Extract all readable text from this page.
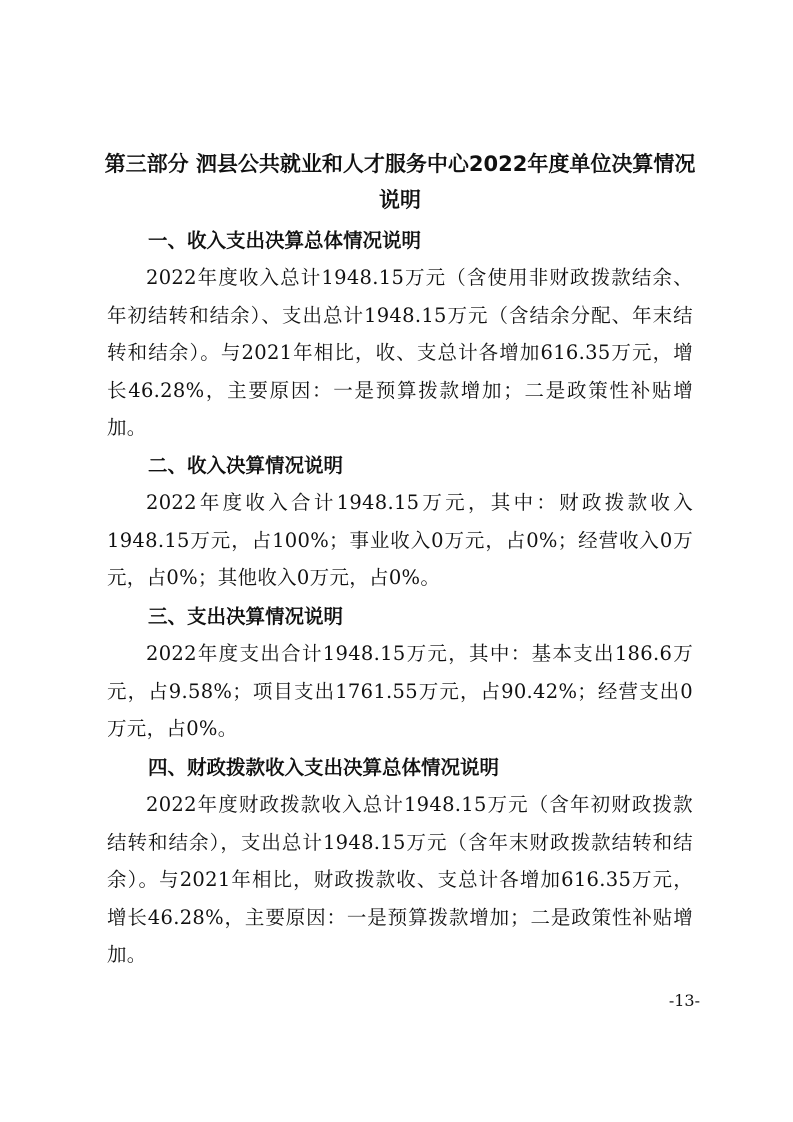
第三部分 泗县公共就业和人才服务中心2022年度单位决算情况说明
一、收入支出决算总体情况说明
2022年度收入总计1948.15万元（含使用非财政拨款结余、年初结转和结余）、支出总计1948.15万元（含结余分配、年末结转和结余）。与2021年相比，收、支总计各增加616.35万元，增长46.28%，主要原因：一是预算拨款增加；二是政策性补贴增加。
二、收入决算情况说明
2022年度收入合计1948.15万元，其中：财政拨款收入1948.15万元，占100%；事业收入0万元，占0%；经营收入0万元，占0%；其他收入0万元，占0%。
三、支出决算情况说明
2022年度支出合计1948.15万元，其中：基本支出186.6万元，占9.58%；项目支出1761.55万元，占90.42%；经营支出0万元，占0%。
四、财政拨款收入支出决算总体情况说明
2022年度财政拨款收入总计1948.15万元（含年初财政拨款结转和结余），支出总计1948.15万元（含年末财政拨款结转和结余）。与2021年相比，财政拨款收、支总计各增加616.35万元，增长46.28%，主要原因：一是预算拨款增加；二是政策性补贴增加。
-13-
